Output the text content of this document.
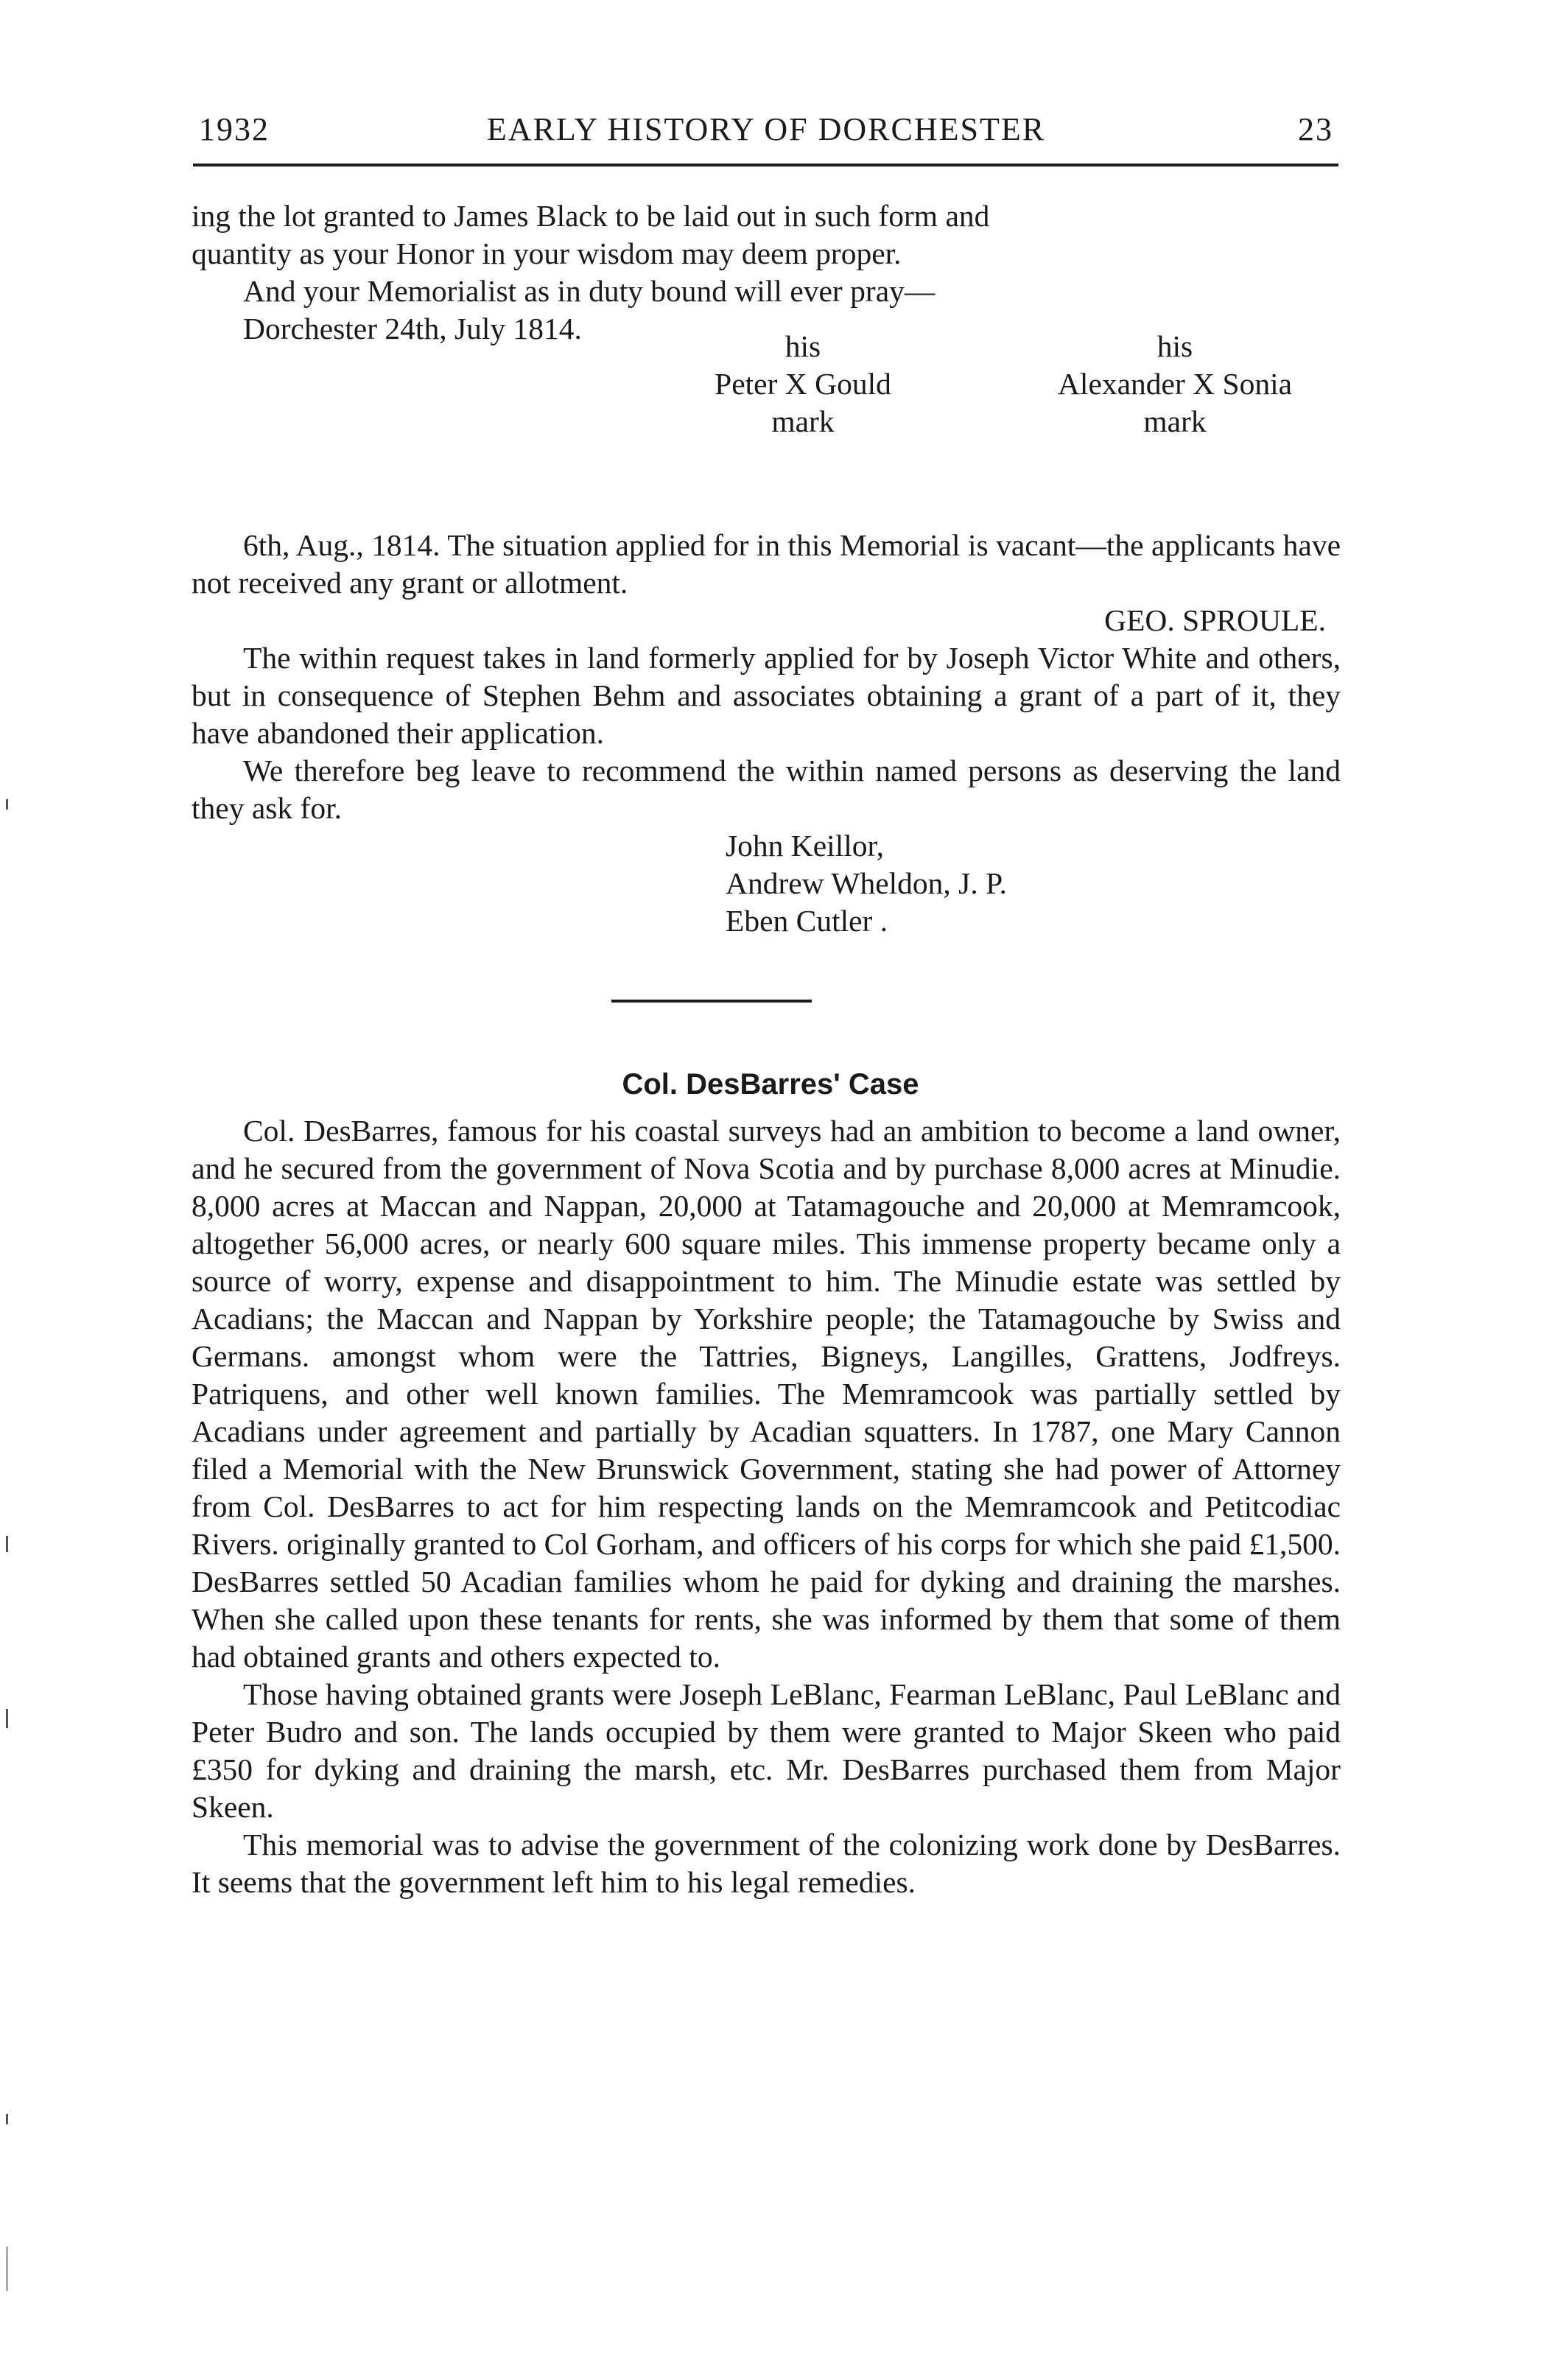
1932	EARLY HISTORY OF DORCHESTER	23
ing the lot granted to James Black to be laid out in such form and
quantity as your Honor in your wisdom may deem proper.
And your Memorialist as in duty bound will ever pray—
Dorchester 24th, July 1814.
his
Peter X Gould
mark
his
Alexander X Sonia
mark

6th, Aug., 1814. The situation applied for in this Memorial is vacant—the applicants have not received any grant or allotment.

GEO. SPROULE.

The within request takes in land formerly applied for by Joseph Victor White and others, but in consequence of Stephen Behm and associates obtaining a grant of a part of it, they have abandoned their application.

We therefore beg leave to recommend the within named persons as deserving the land they ask for.

John Keillor,
Andrew Wheldon, J. P.
Eben Cutler .
Col. DesBarres' Case

Col. DesBarres, famous for his coastal surveys had an ambition to become a land owner, and he secured from the government of Nova Scotia and by purchase 8,000 acres at Minudie. 8,000 acres at Maccan and Nappan, 20,000 at Tatamagouche and 20,000 at Memramcook, altogether 56,000 acres, or nearly 600 square miles. This immense property became only a source of worry, expense and disappointment to him. The Minudie estate was settled by Acadians; the Maccan and Nappan by Yorkshire people; the Tatamagouche by Swiss and Germans. amongst whom were the Tattries, Bigneys, Langilles, Grattens, Jodfreys. Patriquens, and other well known families. The Memramcook was partially settled by Acadians under agreement and partially by Acadian squatters. In 1787, one Mary Cannon filed a Memorial with the New Brunswick Government, stating she had power of Attorney from Col. DesBarres to act for him respecting lands on the Memramcook and Petitcodiac Rivers. originally granted to Col Gorham, and officers of his corps for which she paid £1,500. DesBarres settled 50 Acadian families whom he paid for dyking and draining the marshes. When she called upon these tenants for rents, she was informed by them that some of them had obtained grants and others expected to.

Those having obtained grants were Joseph LeBlanc, Fearman LeBlanc, Paul LeBlanc and Peter Budro and son. The lands occupied by them were granted to Major Skeen who paid £350 for dyking and draining the marsh, etc. Mr. DesBarres purchased them from Major Skeen.

This memorial was to advise the government of the colonizing work done by DesBarres. It seems that the government left him to his legal remedies.
